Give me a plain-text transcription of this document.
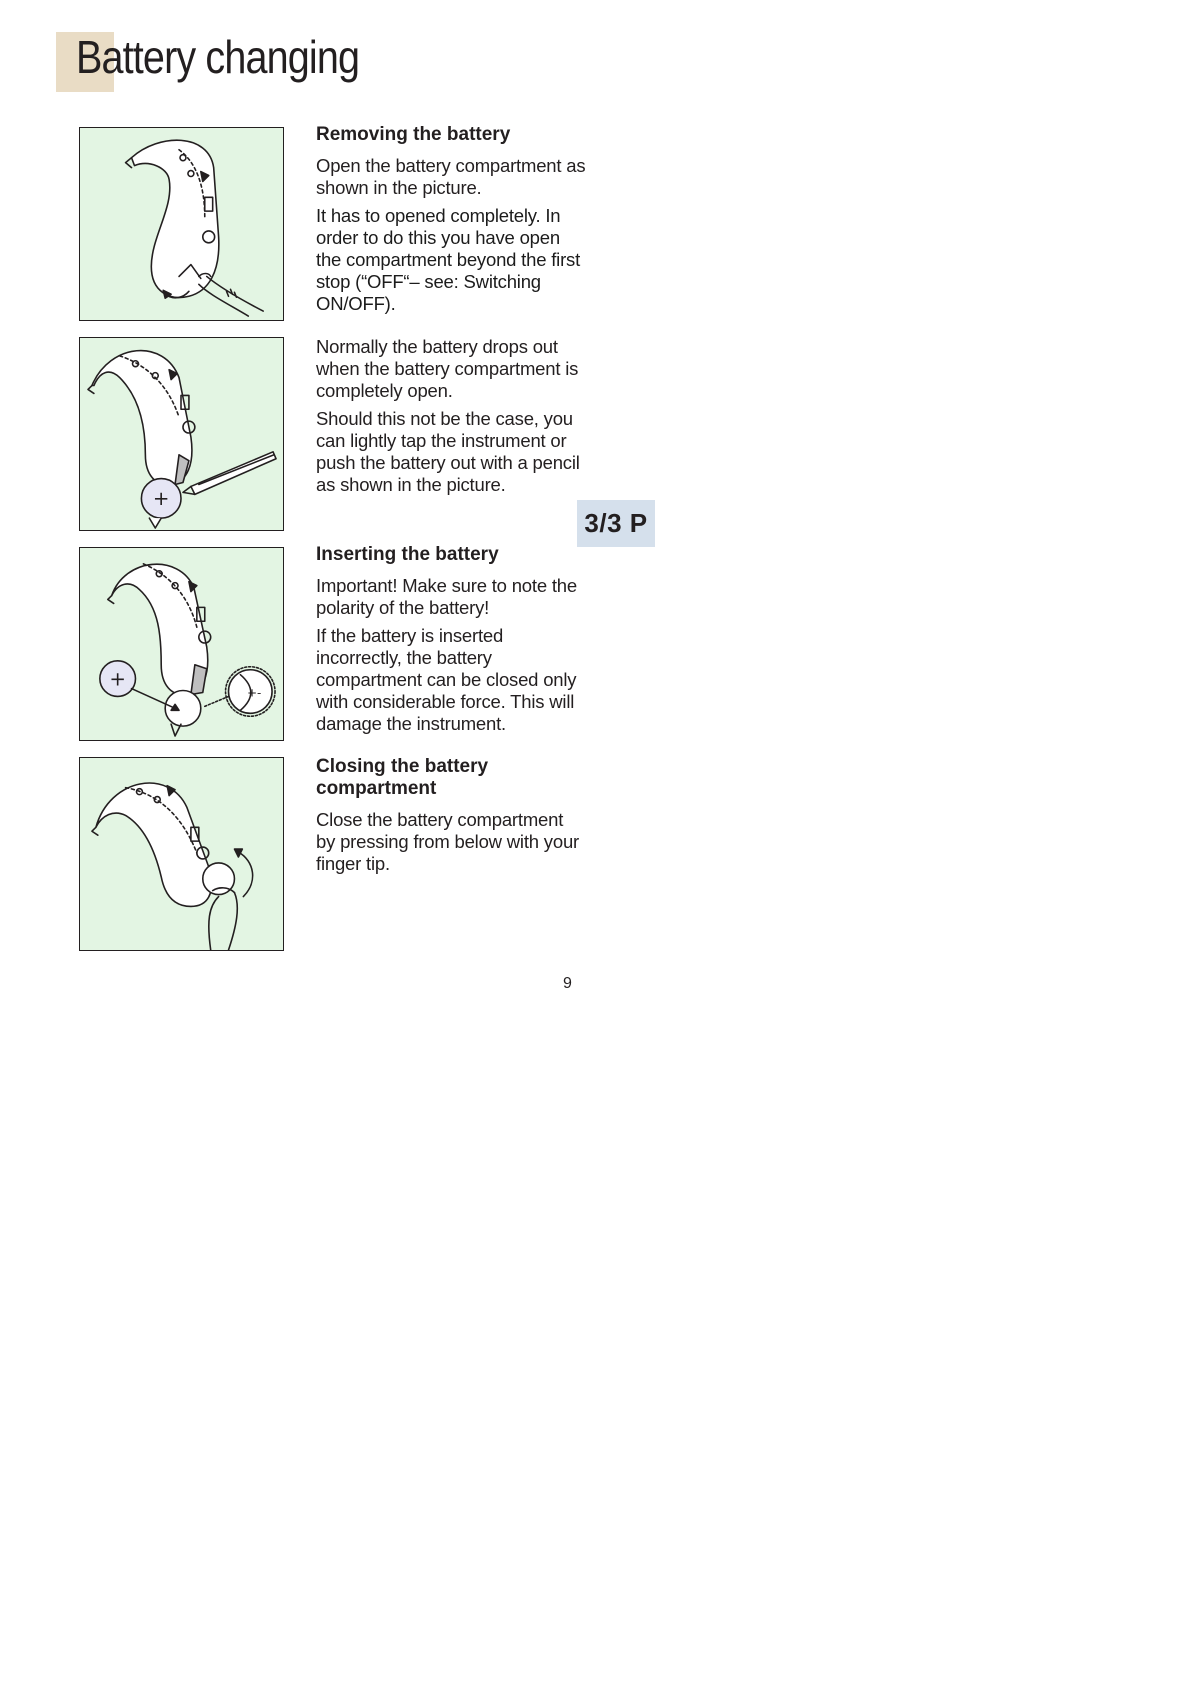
Battery changing
+
+
+-

Removing the battery

Open the battery compartment as shown in the picture.

It has to opened completely. In order to do this you have open the compartment beyond the first stop (“OFF“– see: Switching ON/OFF).

Normally the battery drops out when the battery compartment is completely open.

Should this not be the case, you can lightly tap the instrument or push the battery out with a pencil as shown in the picture.

3/3 P

Inserting the battery

Important! Make sure to note the polarity of the battery!

If the battery is inserted incorrectly, the battery compartment can be closed only with considerable force. This will damage the instrument.

Closing the battery compartment

Close the battery compartment by pressing from below with your finger tip.

9
